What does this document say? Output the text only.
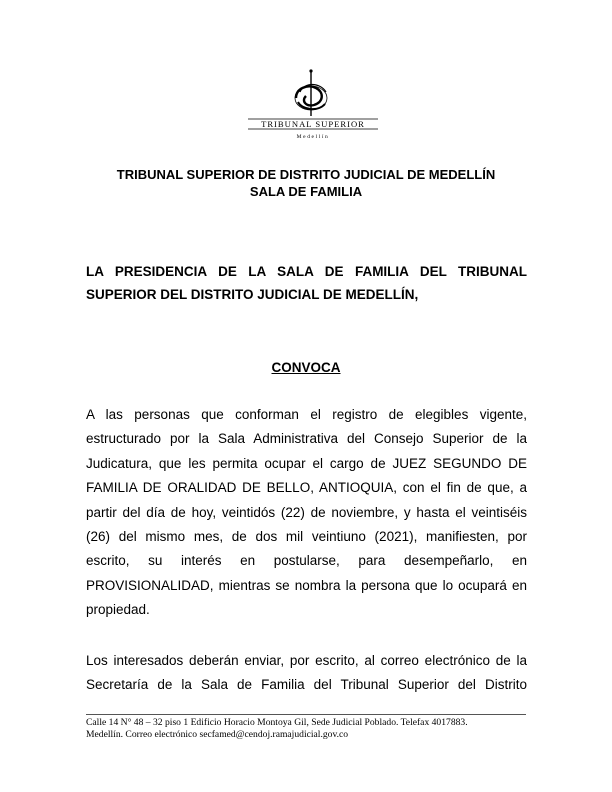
TRIBUNAL SUPERIOR
Medellín
TRIBUNAL SUPERIOR DE DISTRITO JUDICIAL DE MEDELLÍN
SALA DE FAMILIA
LA PRESIDENCIA DE LA SALA DE FAMILIA DEL TRIBUNAL
SUPERIOR DEL DISTRITO JUDICIAL DE MEDELLÍN,
CONVOCA
A las personas que conforman el registro de elegibles vigente,
estructurado por la Sala Administrativa del Consejo Superior de la
Judicatura, que les permita ocupar el cargo de JUEZ SEGUNDO DE
FAMILIA DE ORALIDAD DE BELLO, ANTIOQUIA, con el fin de que, a
partir del día de hoy, veintidós (22) de noviembre, y hasta el veintiséis
(26) del mismo mes, de dos mil veintiuno (2021), manifiesten, por
escrito, su interés en postularse, para desempeñarlo, en
PROVISIONALIDAD, mientras se nombra la persona que lo ocupará en
propiedad.
Los interesados deberán enviar, por escrito, al correo electrónico de la
Secretaría de la Sala de Familia del Tribunal Superior del Distrito
Calle 14 N° 48 – 32 piso 1 Edificio Horacio Montoya Gil, Sede Judicial Poblado. Telefax 4017883.
Medellín. Correo electrónico secfamed@cendoj.ramajudicial.gov.co
